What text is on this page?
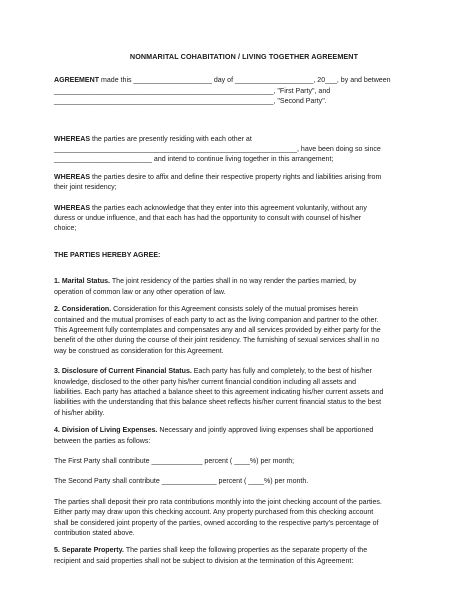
NONMARITAL COHABITATION / LIVING TOGETHER AGREEMENT

AGREEMENT made this ____________________ day of ____________________, 20___, by and between

________________________________________________________, "First Party", and

________________________________________________________, "Second Party".

WHEREAS the parties are presently residing with each other at

______________________________________________________________, have been doing so since

_________________________ and intend to continue living together in this arrangement;

WHEREAS the parties desire to affix and define their respective property rights and liabilities arising from

their joint residency;

WHEREAS the parties each acknowledge that they enter into this agreement voluntarily, without any

duress or undue influence, and that each has had the opportunity to consult with counsel of his/her

choice;

THE PARTIES HEREBY AGREE:

1. Marital Status. The joint residency of the parties shall in no way render the parties married, by

operation of common law or any other operation of law.

2. Consideration. Consideration for this Agreement consists solely of the mutual promises herein

contained and the mutual promises of each party to act as the living companion and partner to the other.

This Agreement fully contemplates and compensates any and all services provided by either party for the

benefit of the other during the course of their joint residency. The furnishing of sexual services shall in no

way be construed as consideration for this Agreement.

3. Disclosure of Current Financial Status. Each party has fully and completely, to the best of his/her

knowledge, disclosed to the other party his/her current financial condition including all assets and

liabilities. Each party has attached a balance sheet to this agreement indicating his/her current assets and

liabilities with the understanding that this balance sheet reflects his/her current financial status to the best

of his/her ability.

4. Division of Living Expenses. Necessary and jointly approved living expenses shall be apportioned

between the parties as follows:

The First Party shall contribute _____________ percent ( ____%) per month;

The Second Party shall contribute ______________ percent ( ____%) per month.

The parties shall deposit their pro rata contributions monthly into the joint checking account of the parties.

Either party may draw upon this checking account. Any property purchased from this checking account

shall be considered joint property of the parties, owned according to the respective party's percentage of

contribution stated above.

5. Separate Property. The parties shall keep the following properties as the separate property of the

recipient and said properties shall not be subject to division at the termination of this Agreement:
